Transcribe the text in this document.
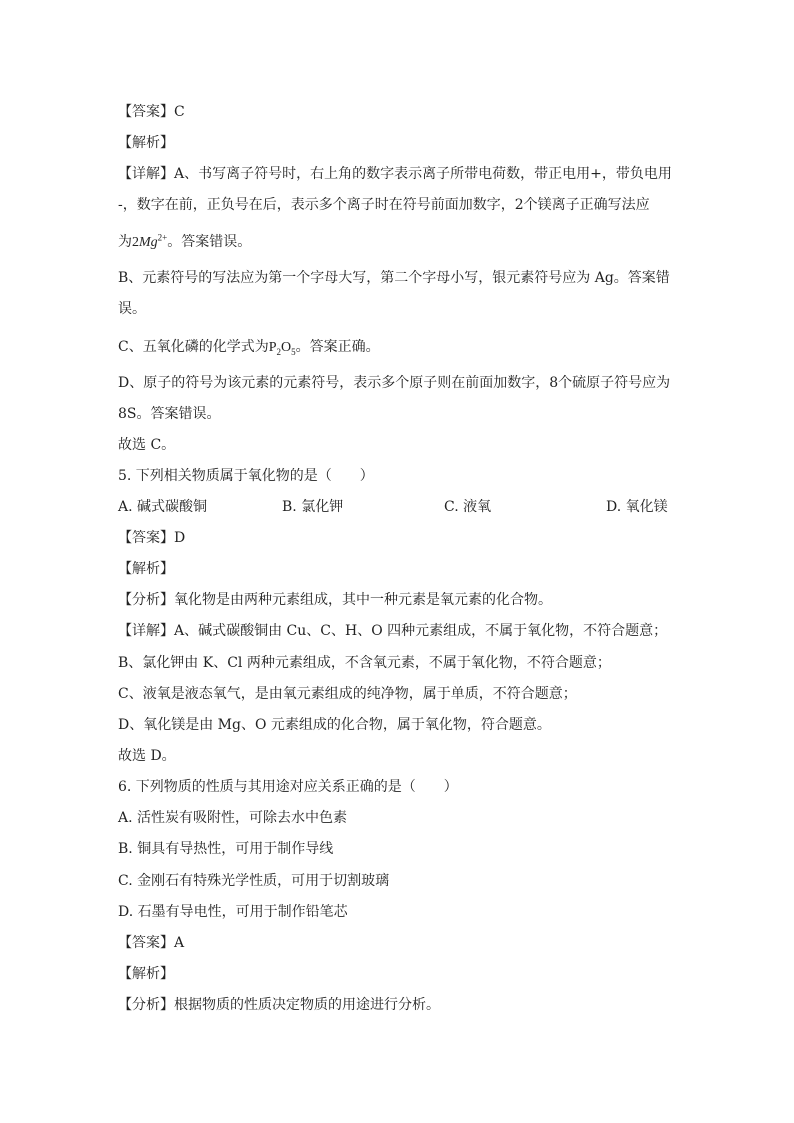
【答案】C
【解析】
【详解】A、书写离子符号时，右上角的数字表示离子所带电荷数，带正电用+，带负电用
-，数字在前，正负号在后，表示多个离子时在符号前面加数字，2个镁离子正确写法应
为$2Mg^{2+}$。答案错误。
B、元素符号的写法应为第一个字母大写，第二个字母小写，银元素符号应为 Ag。答案错
误。
C、五氧化磷的化学式为$P_2O_5$。答案正确。
D、原子的符号为该元素的元素符号，表示多个原子则在前面加数字，8个硫原子符号应为
8S。答案错误。
故选 C。
5. 下列相关物质属于氧化物的是（　　）
A. 碱式碳酸铜	B. 氯化钾	C. 液氧	D. 氧化镁
【答案】D
【解析】
【分析】氧化物是由两种元素组成，其中一种元素是氧元素的化合物。
【详解】A、碱式碳酸铜由 Cu、C、H、O 四种元素组成，不属于氧化物，不符合题意；
B、氯化钾由 K、Cl 两种元素组成，不含氧元素，不属于氧化物，不符合题意；
C、液氧是液态氧气，是由氧元素组成的纯净物，属于单质，不符合题意；
D、氧化镁是由 Mg、O 元素组成的化合物，属于氧化物，符合题意。
故选 D。
6. 下列物质的性质与其用途对应关系正确的是（　　）
A. 活性炭有吸附性，可除去水中色素
B. 铜具有导热性，可用于制作导线
C. 金刚石有特殊光学性质，可用于切割玻璃
D. 石墨有导电性，可用于制作铅笔芯
【答案】A
【解析】
【分析】根据物质的性质决定物质的用途进行分析。
